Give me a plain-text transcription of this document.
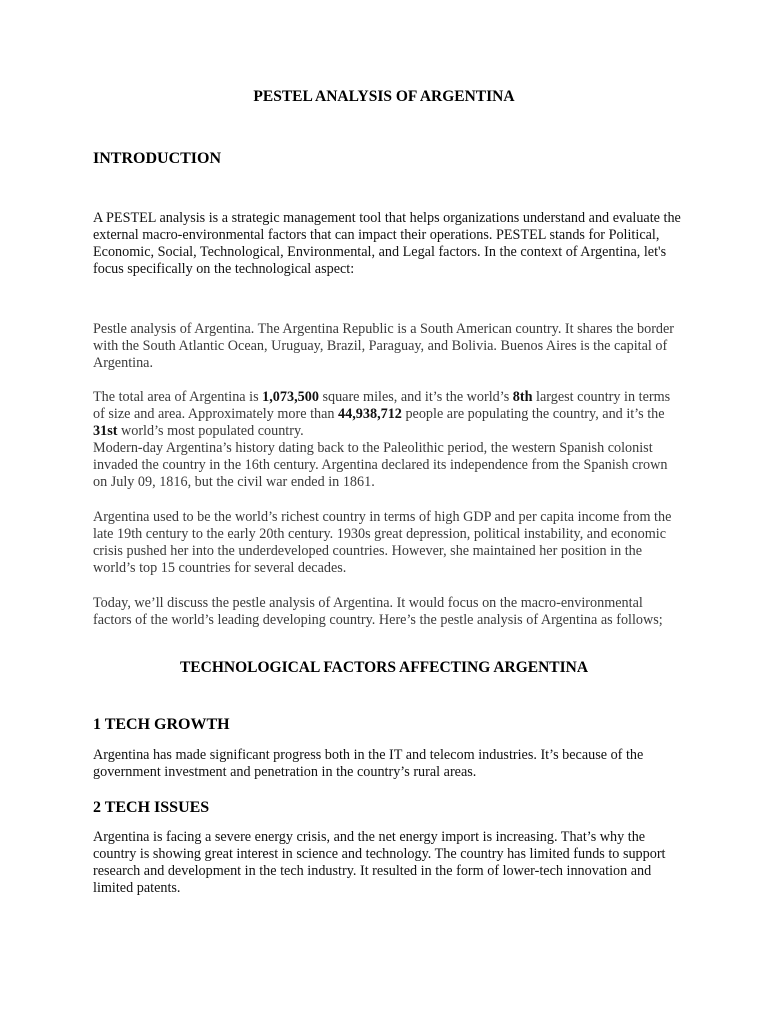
PESTEL ANALYSIS OF ARGENTINA
INTRODUCTION

A PESTEL analysis is a strategic management tool that helps organizations understand and evaluate the external macro-environmental factors that can impact their operations. PESTEL stands for Political, Economic, Social, Technological, Environmental, and Legal factors. In the context of Argentina, let's focus specifically on the technological aspect:

Pestle analysis of Argentina. The Argentina Republic is a South American country. It shares the border with the South Atlantic Ocean, Uruguay, Brazil, Paraguay, and Bolivia. Buenos Aires is the capital of Argentina.

The total area of Argentina is 1,073,500 square miles, and it’s the world’s 8th largest country in terms of size and area. Approximately more than 44,938,712 people are populating the country, and it’s the 31st world’s most populated country.

Modern-day Argentina’s history dating back to the Paleolithic period, the western Spanish colonist invaded the country in the 16th century. Argentina declared its independence from the Spanish crown on July 09, 1816, but the civil war ended in 1861.

Argentina used to be the world’s richest country in terms of high GDP and per capita income from the late 19th century to the early 20th century. 1930s great depression, political instability, and economic crisis pushed her into the underdeveloped countries. However, she maintained her position in the world’s top 15 countries for several decades.

Today, we’ll discuss the pestle analysis of Argentina. It would focus on the macro-environmental factors of the world’s leading developing country. Here’s the pestle analysis of Argentina as follows;

TECHNOLOGICAL FACTORS AFFECTING ARGENTINA
1 TECH GROWTH

Argentina has made significant progress both in the IT and telecom industries. It’s because of the government investment and penetration in the country’s rural areas.

2 TECH ISSUES

Argentina is facing a severe energy crisis, and the net energy import is increasing. That’s why the country is showing great interest in science and technology. The country has limited funds to support research and development in the tech industry. It resulted in the form of lower-tech innovation and limited patents.
